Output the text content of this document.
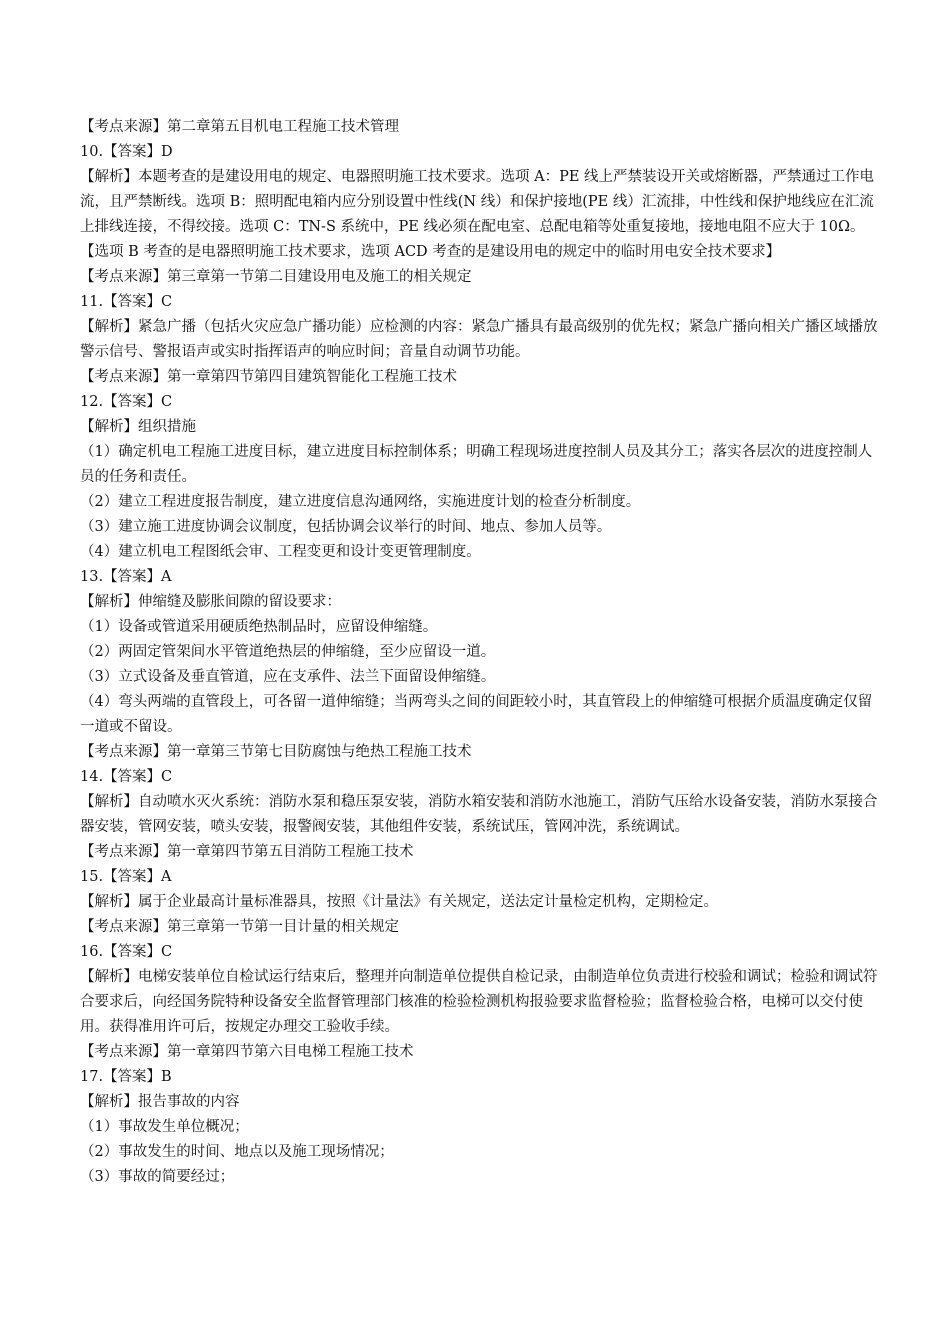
【考点来源】第二章第五目机电工程施工技术管理
10.【答案】D
【解析】本题考查的是建设用电的规定、电器照明施工技术要求。选项 A：PE 线上严禁装设开关或熔断器，严禁通过工作电流，且严禁断线。选项 B：照明配电箱内应分别设置中性线(N 线）和保护接地(PE 线）汇流排，中性线和保护地线应在汇流上排线连接，不得绞接。选项 C：TN-S 系统中，PE 线必须在配电室、总配电箱等处重复接地，接地电阻不应大于 10Ω。【选项 B 考查的是电器照明施工技术要求，选项 ACD 考查的是建设用电的规定中的临时用电安全技术要求】
【考点来源】第三章第一节第二目建设用电及施工的相关规定
11.【答案】C
【解析】紧急广播（包括火灾应急广播功能）应检测的内容：紧急广播具有最高级别的优先权；紧急广播向相关广播区域播放警示信号、警报语声或实时指挥语声的响应时间；音量自动调节功能。
【考点来源】第一章第四节第四目建筑智能化工程施工技术
12.【答案】C
【解析】组织措施
（1）确定机电工程施工进度目标，建立进度目标控制体系；明确工程现场进度控制人员及其分工；落实各层次的进度控制人员的任务和责任。
（2）建立工程进度报告制度，建立进度信息沟通网络，实施进度计划的检查分析制度。
（3）建立施工进度协调会议制度，包括协调会议举行的时间、地点、参加人员等。
（4）建立机电工程图纸会审、工程变更和设计变更管理制度。
13.【答案】A
【解析】伸缩缝及膨胀间隙的留设要求：
（1）设备或管道采用硬质绝热制品时，应留设伸缩缝。
（2）两固定管架间水平管道绝热层的伸缩缝，至少应留设一道。
（3）立式设备及垂直管道，应在支承件、法兰下面留设伸缩缝。
（4）弯头两端的直管段上，可各留一道伸缩缝；当两弯头之间的间距较小时，其直管段上的伸缩缝可根据介质温度确定仅留一道或不留设。
【考点来源】第一章第三节第七目防腐蚀与绝热工程施工技术
14.【答案】C
【解析】自动喷水灭火系统：消防水泵和稳压泵安装，消防水箱安装和消防水池施工，消防气压给水设备安装，消防水泵接合器安装，管网安装，喷头安装，报警阀安装，其他组件安装，系统试压，管网冲洗，系统调试。
【考点来源】第一章第四节第五目消防工程施工技术
15.【答案】A
【解析】属于企业最高计量标准器具，按照《计量法》有关规定，送法定计量检定机构，定期检定。
【考点来源】第三章第一节第一目计量的相关规定
16.【答案】C
【解析】电梯安装单位自检试运行结束后，整理并向制造单位提供自检记录，由制造单位负责进行校验和调试；检验和调试符合要求后，向经国务院特种设备安全监督管理部门核准的检验检测机构报验要求监督检验；监督检验合格，电梯可以交付使用。获得准用许可后，按规定办理交工验收手续。
【考点来源】第一章第四节第六目电梯工程施工技术
17.【答案】B
【解析】报告事故的内容
（1）事故发生单位概况；
（2）事故发生的时间、地点以及施工现场情况；
（3）事故的简要经过；
